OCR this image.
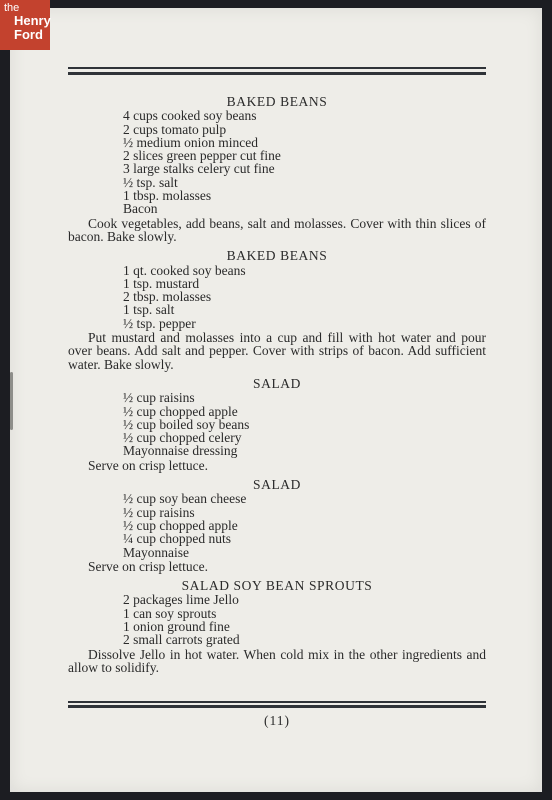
the
Henry
Ford
BAKED BEANS
4 cups cooked soy beans
2 cups tomato pulp
½ medium onion minced
2 slices green pepper cut fine
3 large stalks celery cut fine
½ tsp. salt
1 tbsp. molasses
Bacon
Cook vegetables, add beans, salt and molasses. Cover with thin slices of bacon. Bake slowly.
BAKED BEANS
1 qt. cooked soy beans
1 tsp. mustard
2 tbsp. molasses
1 tsp. salt
½ tsp. pepper
Put mustard and molasses into a cup and fill with hot water and pour over beans. Add salt and pepper. Cover with strips of bacon. Add sufficient water. Bake slowly.
SALAD
½ cup raisins
½ cup chopped apple
½ cup boiled soy beans
½ cup chopped celery
Mayonnaise dressing
Serve on crisp lettuce.
SALAD
½ cup soy bean cheese
½ cup raisins
½ cup chopped apple
¼ cup chopped nuts
Mayonnaise
Serve on crisp lettuce.
SALAD SOY BEAN SPROUTS
2 packages lime Jello
1 can soy sprouts
1 onion ground fine
2 small carrots grated
Dissolve Jello in hot water. When cold mix in the other ingredients and allow to solidify.
(11)
